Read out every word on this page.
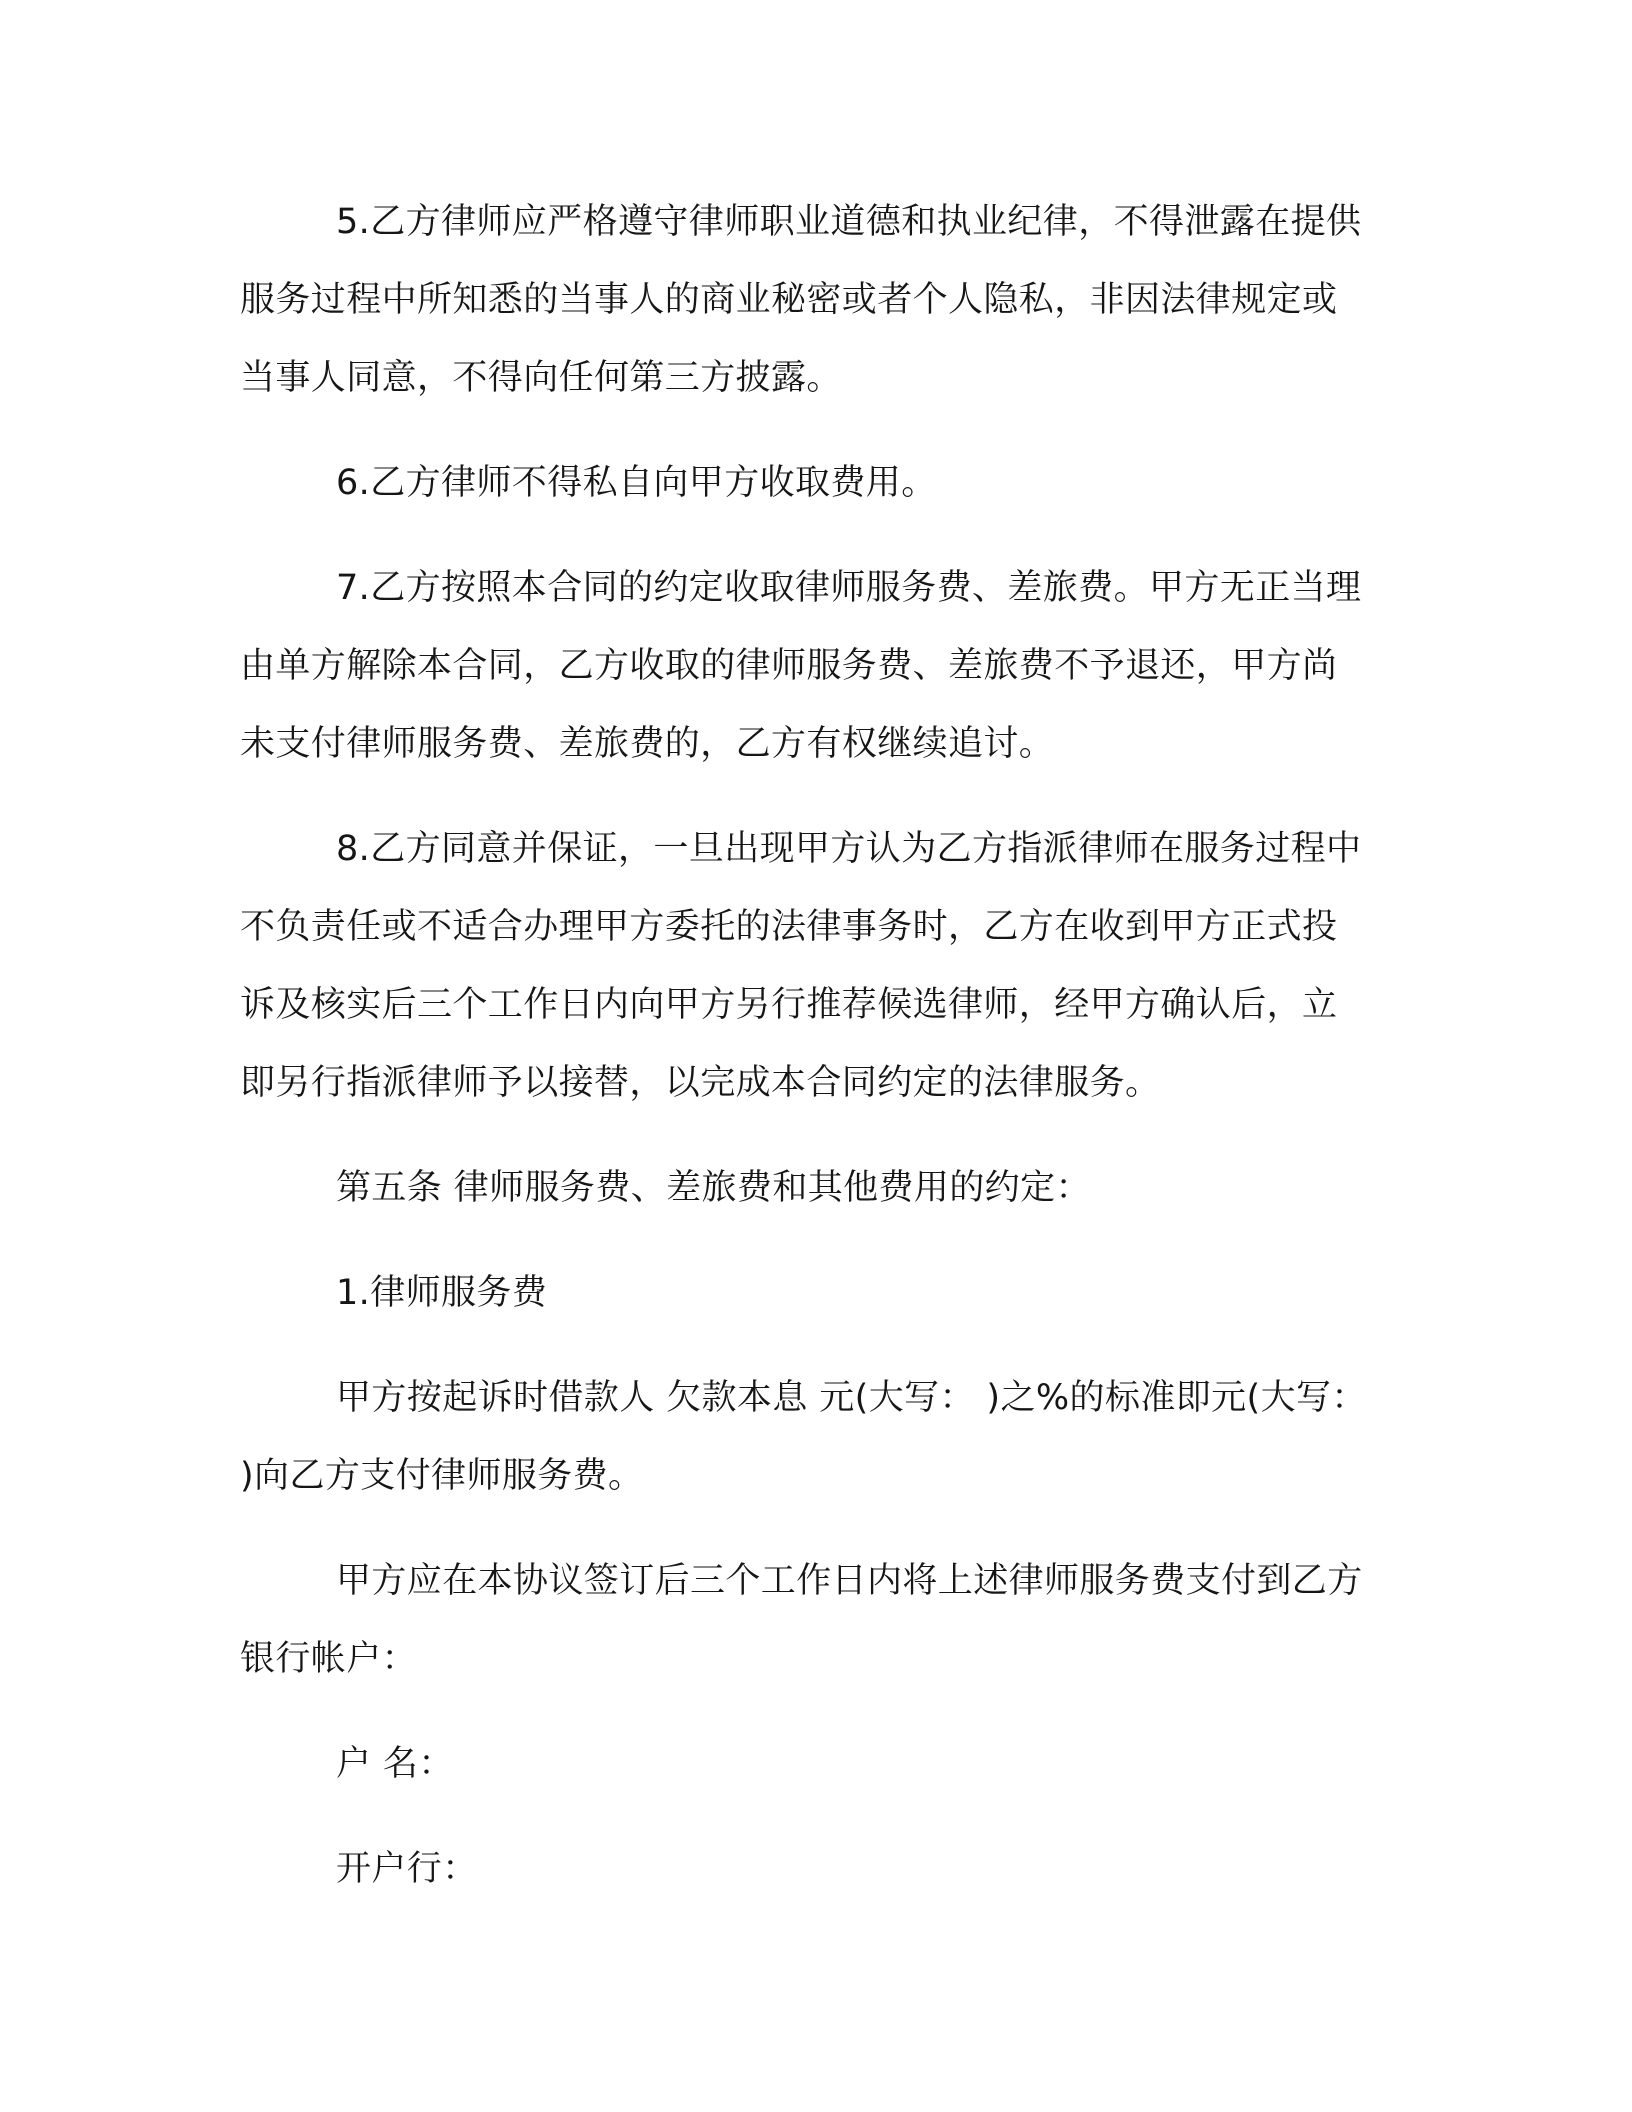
5.乙方律师应严格遵守律师职业道德和执业纪律，不得泄露在提供服务过程中所知悉的当事人的商业秘密或者个人隐私，非因法律规定或当事人同意，不得向任何第三方披露。

6.乙方律师不得私自向甲方收取费用。

7.乙方按照本合同的约定收取律师服务费、差旅费。甲方无正当理由单方解除本合同，乙方收取的律师服务费、差旅费不予退还，甲方尚未支付律师服务费、差旅费的，乙方有权继续追讨。

8.乙方同意并保证，一旦出现甲方认为乙方指派律师在服务过程中不负责任或不适合办理甲方委托的法律事务时，乙方在收到甲方正式投诉及核实后三个工作日内向甲方另行推荐候选律师，经甲方确认后，立即另行指派律师予以接替，以完成本合同约定的法律服务。

第五条 律师服务费、差旅费和其他费用的约定：

1.律师服务费

甲方按起诉时借款人 欠款本息 元(大写： )之%的标准即元(大写： )向乙方支付律师服务费。

甲方应在本协议签订后三个工作日内将上述律师服务费支付到乙方银行帐户：

户 名：

开户行：
